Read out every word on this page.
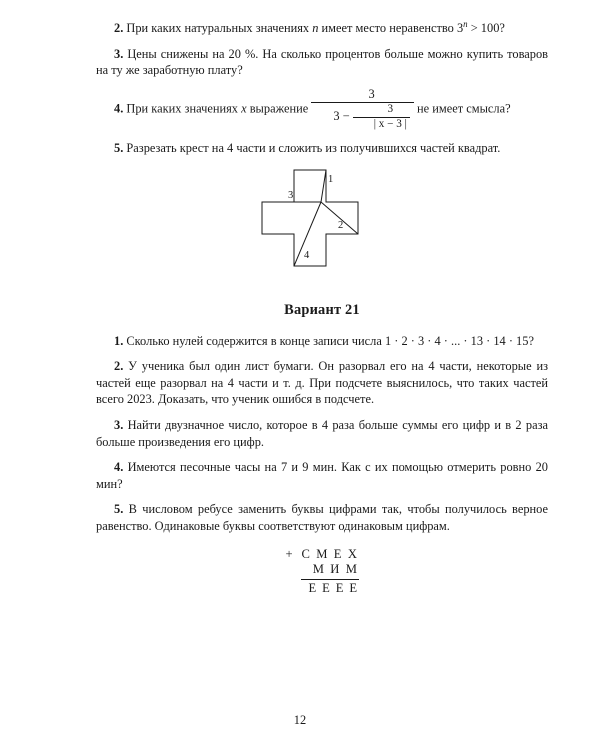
2. При каких натуральных значениях n имеет место неравенство $3^n > 100$?

3. Цены снижены на 20 %. На сколько процентов больше можно купить товаров на ту же заработную плату?

4. При каких значениях x выражение $\frac{3}{3 - \frac{3}{| x - 3 |}}$ не имеет смысла?

5. Разрезать крест на 4 части и сложить из получившихся частей квадрат.

1
3
2
4
Вариант 21

1. Сколько нулей содержится в конце записи числа 1 · 2 · 3 · 4 · ... · 13 · 14 · 15?

2. У ученика был один лист бумаги. Он разорвал его на 4 части, некоторые из частей еще разорвал на 4 части и т. д. При подсчете выяснилось, что таких частей всего 2023. Доказать, что ученик ошибся в подсчете.

3. Найти двузначное число, которое в 4 раза больше суммы его цифр и в 2 раза больше произведения его цифр.

4. Имеются песочные часы на 7 и 9 мин. Как с их помощью отмерить ровно 20 мин?

5. В числовом ребусе заменить буквы цифрами так, чтобы получилось верное равенство. Одинаковые буквы соответствуют одинаковым цифрам.

+ С М Е Х
М И М
Е Е Е Е
12
